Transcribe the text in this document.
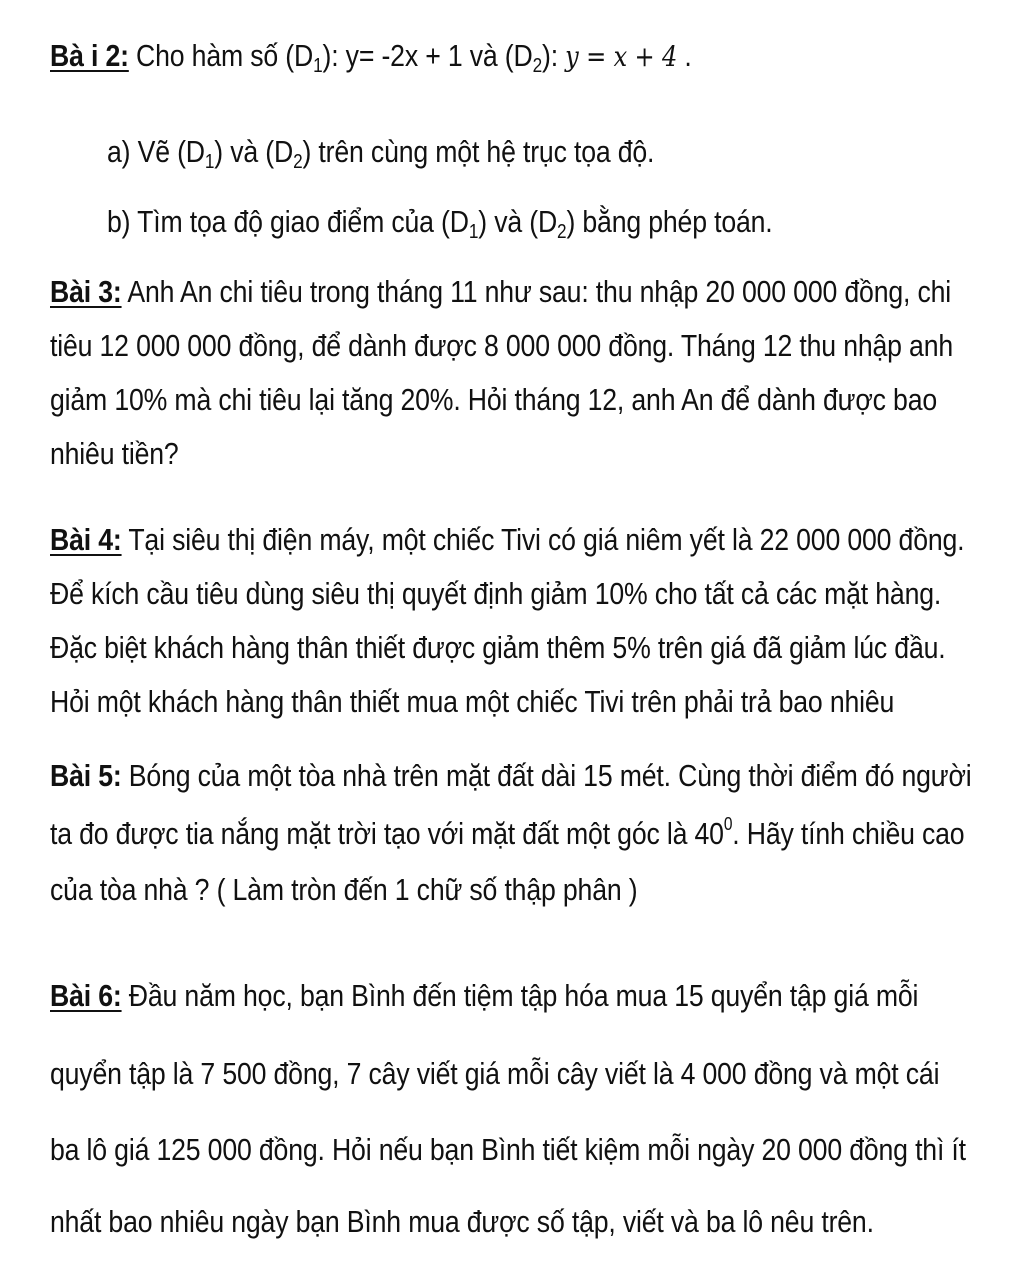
Bà i 2: Cho hàm số $(D_1)$: y= -2x + 1 và $(D_2)$: y = x + 4 .
a) Vẽ $(D_1)$ và $(D_2)$ trên cùng một hệ trục tọa độ.
b) Tìm tọa độ giao điểm của $(D_1)$ và $(D_2)$ bằng phép toán.
Bài 3: Anh An chi tiêu trong tháng 11 như sau: thu nhập 20 000 000 đồng, chi
tiêu 12 000 000 đồng, để dành được 8 000 000 đồng. Tháng 12 thu nhập anh
giảm 10% mà chi tiêu lại tăng 20%. Hỏi tháng 12, anh An để dành được bao
nhiêu tiền?
Bài 4: Tại siêu thị điện máy, một chiếc Tivi có giá niêm yết là 22 000 000 đồng.
Để kích cầu tiêu dùng siêu thị quyết định giảm 10% cho tất cả các mặt hàng.
Đặc biệt khách hàng thân thiết được giảm thêm 5% trên giá đã giảm lúc đầu.
Hỏi một khách hàng thân thiết mua một chiếc Tivi trên phải trả bao nhiêu
Bài 5: Bóng của một tòa nhà trên mặt đất dài 15 mét. Cùng thời điểm đó người
ta đo được tia nắng mặt trời tạo với mặt đất một góc là $40^0$. Hãy tính chiều cao
của tòa nhà ? ( Làm tròn đến 1 chữ số thập phân )
Bài 6: Đầu năm học, bạn Bình đến tiệm tập hóa mua 15 quyển tập giá mỗi
quyển tập là 7 500 đồng, 7 cây viết giá mỗi cây viết là 4 000 đồng và một cái
ba lô giá 125 000 đồng. Hỏi nếu bạn Bình tiết kiệm mỗi ngày 20 000 đồng thì ít
nhất bao nhiêu ngày bạn Bình mua được số tập, viết và ba lô nêu trên.
